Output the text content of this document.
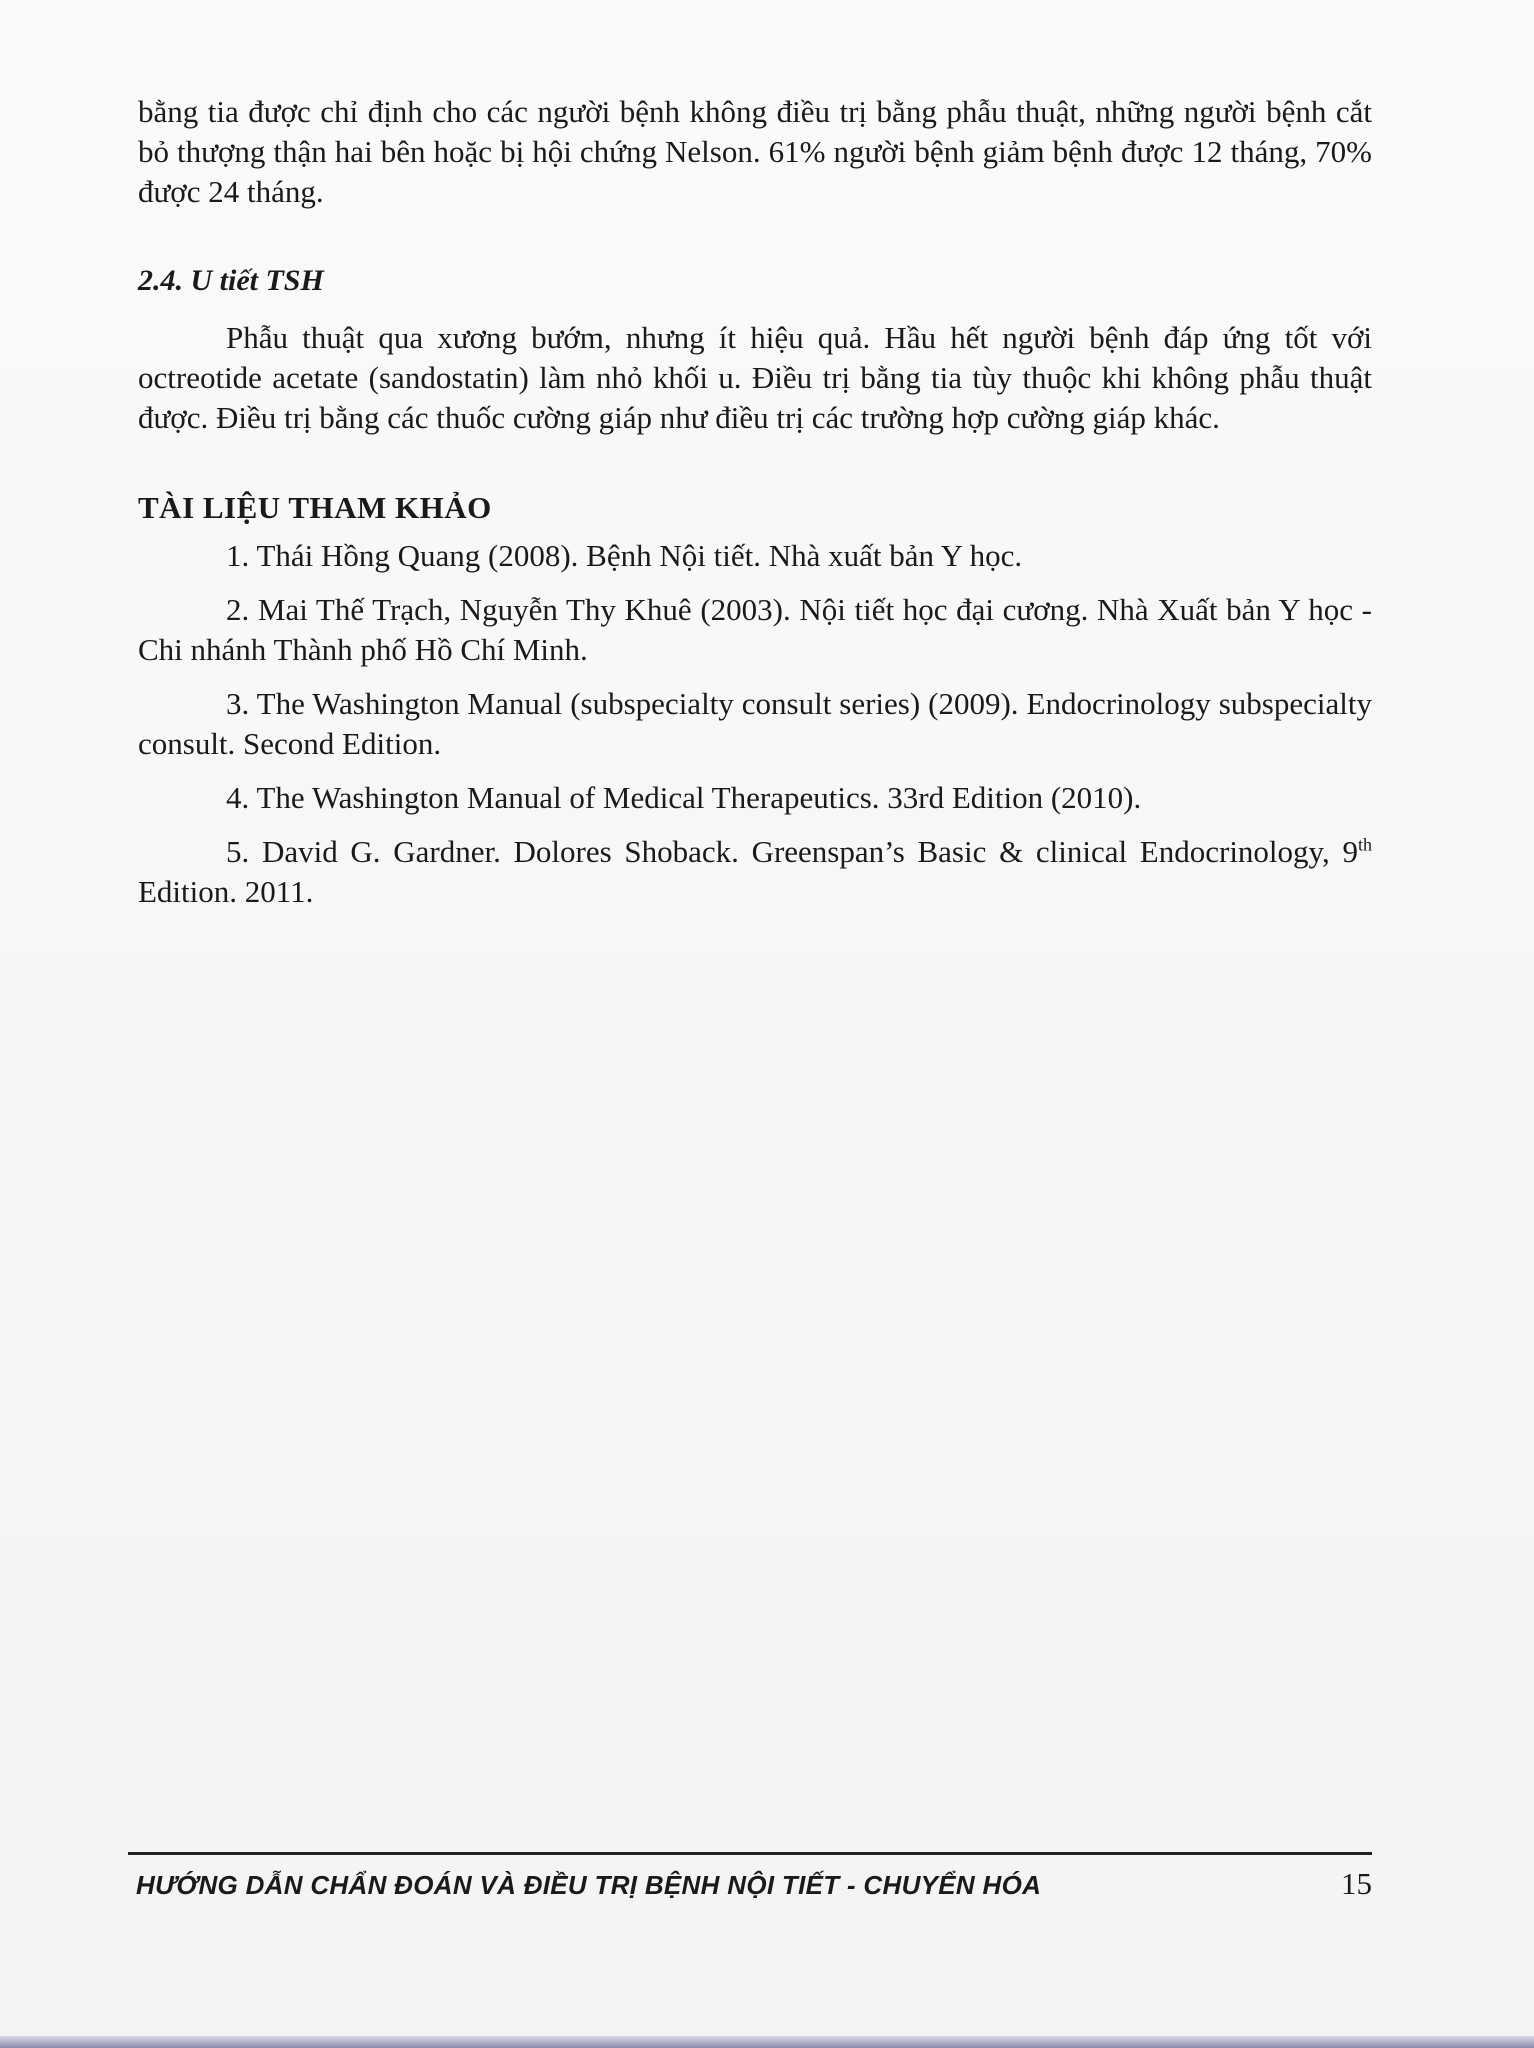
bằng tia được chỉ định cho các người bệnh không điều trị bằng phẫu thuật, những người bệnh cắt bỏ thượng thận hai bên hoặc bị hội chứng Nelson. 61% người bệnh giảm bệnh được 12 tháng, 70% được 24 tháng.

2.4. U tiết TSH

Phẫu thuật qua xương bướm, nhưng ít hiệu quả. Hầu hết người bệnh đáp ứng tốt với octreotide acetate (sandostatin) làm nhỏ khối u. Điều trị bằng tia tùy thuộc khi không phẫu thuật được. Điều trị bằng các thuốc cường giáp như điều trị các trường hợp cường giáp khác.

TÀI LIỆU THAM KHẢO

1. Thái Hồng Quang (2008). Bệnh Nội tiết. Nhà xuất bản Y học.

2. Mai Thế Trạch, Nguyễn Thy Khuê (2003). Nội tiết học đại cương. Nhà Xuất bản Y học - Chi nhánh Thành phố Hồ Chí Minh.

3. The Washington Manual (subspecialty consult series) (2009). Endocrinology subspecialty consult. Second Edition.

4. The Washington Manual of Medical Therapeutics. 33rd Edition (2010).

5. David G. Gardner. Dolores Shoback. Greenspan’s Basic & clinical Endocrinology, 9th Edition. 2011.

HƯỚNG DẪN CHẨN ĐOÁN VÀ ĐIỀU TRỊ BỆNH NỘI TIẾT - CHUYỂN HÓA	15
